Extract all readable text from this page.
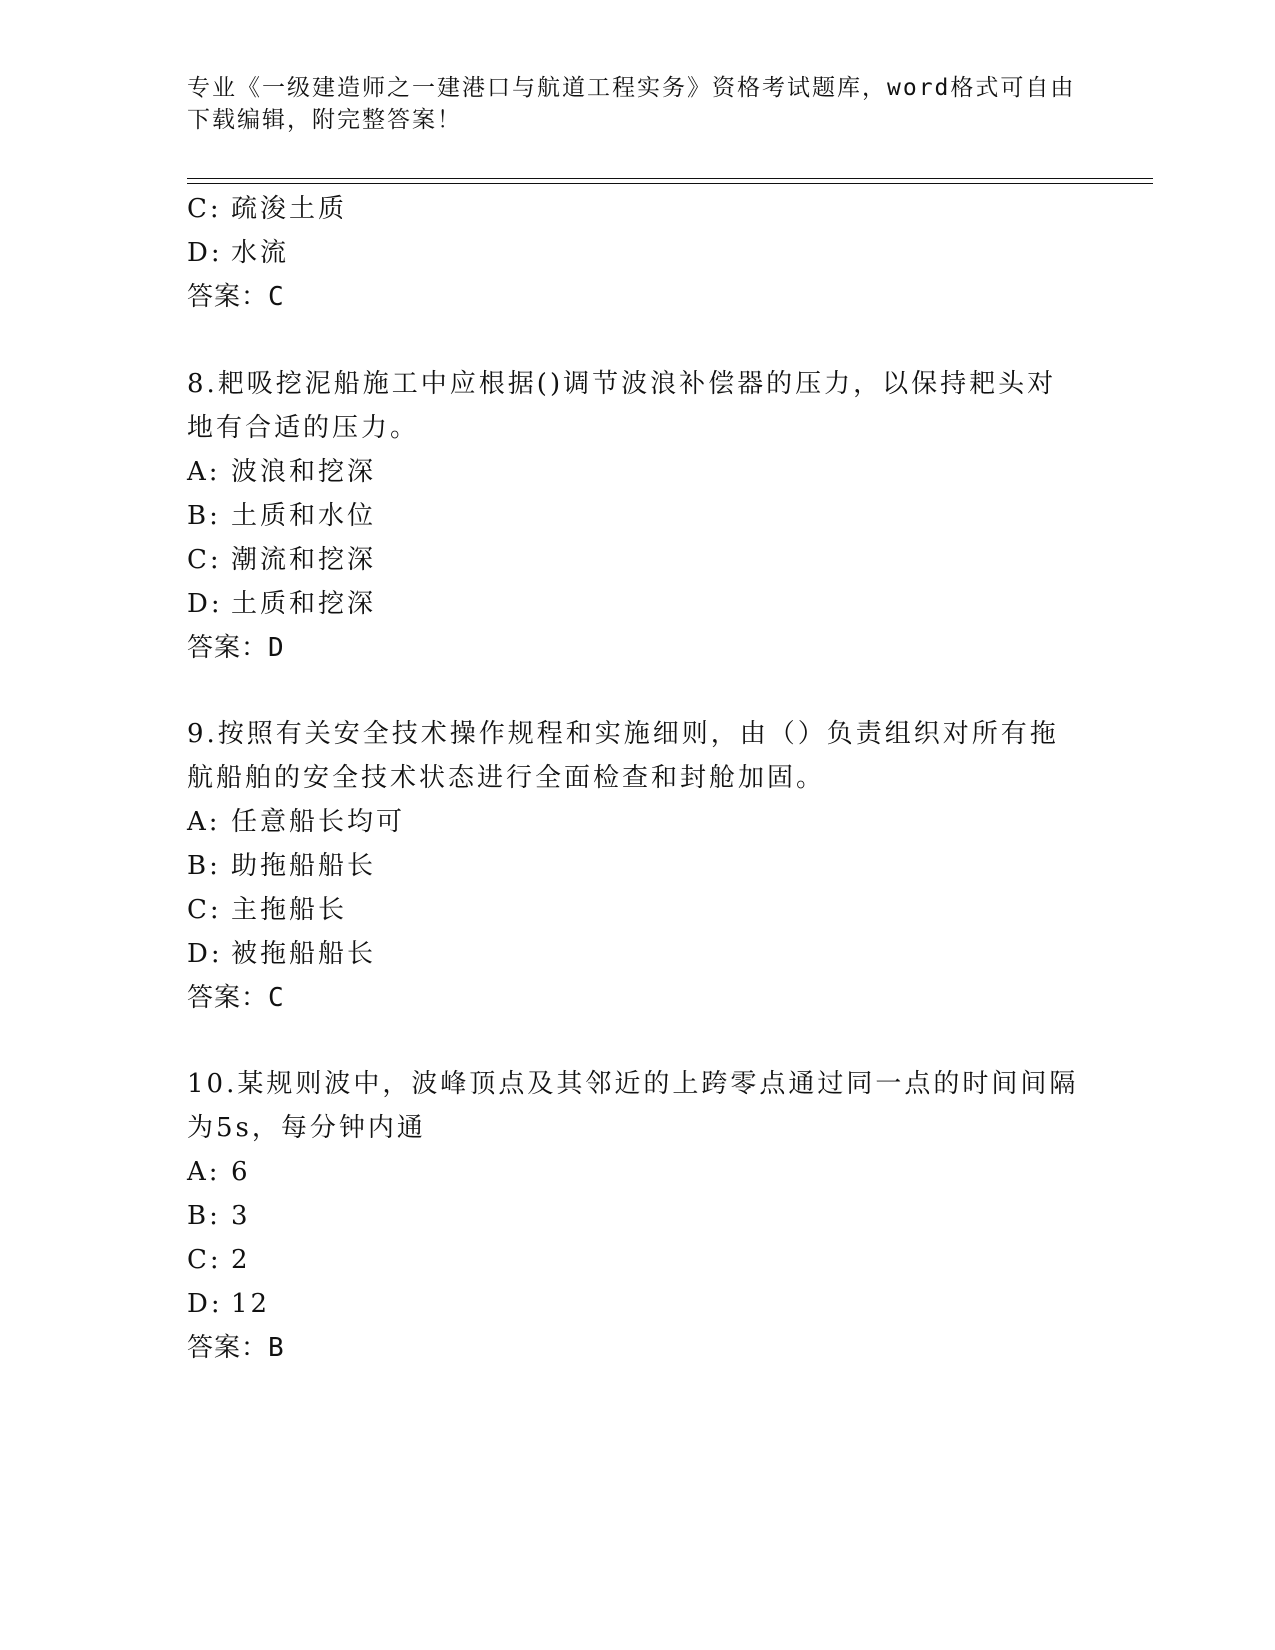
专业《一级建造师之一建港口与航道工程实务》资格考试题库，word格式可自由
下载编辑，附完整答案！
C: 疏浚土质
D: 水流
答案：C
8.耙吸挖泥船施工中应根据()调节波浪补偿器的压力，以保持耙头对
地有合适的压力。
A: 波浪和挖深
B: 土质和水位
C: 潮流和挖深
D: 土质和挖深
答案：D
9.按照有关安全技术操作规程和实施细则，由（）负责组织对所有拖
航船舶的安全技术状态进行全面检查和封舱加固。
A: 任意船长均可
B: 助拖船船长
C: 主拖船长
D: 被拖船船长
答案：C
10.某规则波中，波峰顶点及其邻近的上跨零点通过同一点的时间间隔
为5s，每分钟内通
A: 6
B: 3
C: 2
D: 12
答案：B
